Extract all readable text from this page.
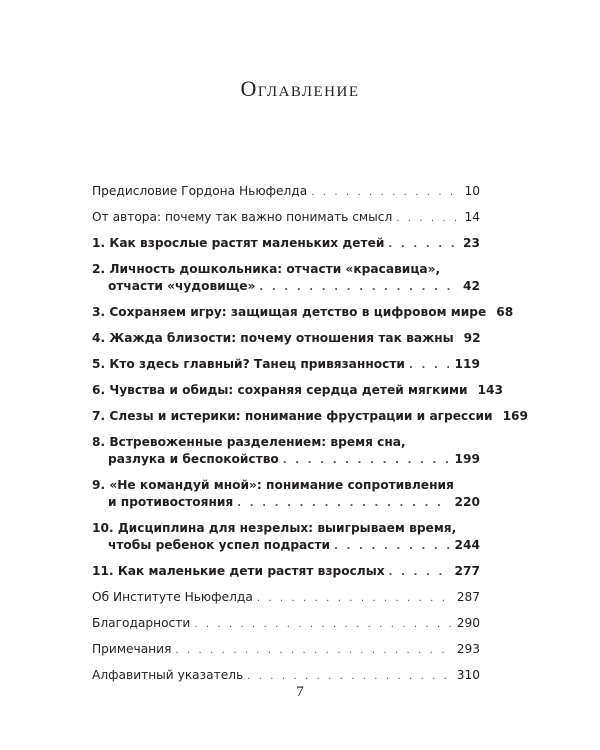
Оглавление
Предисловие Гордона Ньюфелда . . .	10
От автора: почему так важно понимать смысл . . .	14
1. Как взрослые растят маленьких детей . . .	23
2. Личность дошкольника: отчасти «красавица»,
отчасти «чудовище» . . .	42
3. Сохраняем игру: защищая детство в цифровом мире 68
4. Жажда близости: почему отношения так важны 92
5. Кто здесь главный? Танец привязанности . . .	119
6. Чувства и обиды: сохраняя сердца детей мягкими 143
7. Слезы и истерики: понимание фрустрации и агрессии 169
8. Встревоженные разделением: время сна,
разлука и беспокойство . . .	199
9. «Не командуй мной»: понимание сопротивления
и противостояния . . .	220
10. Дисциплина для незрелых: выигрываем время,
чтобы ребенок успел подрасти . . .	244
11. Как маленькие дети растят взрослых . . .	277
Об Институте Ньюфелда . . .	287
Благодарности . . .	290
Примечания . . .	293
Алфавитный указатель . . .	310
7
